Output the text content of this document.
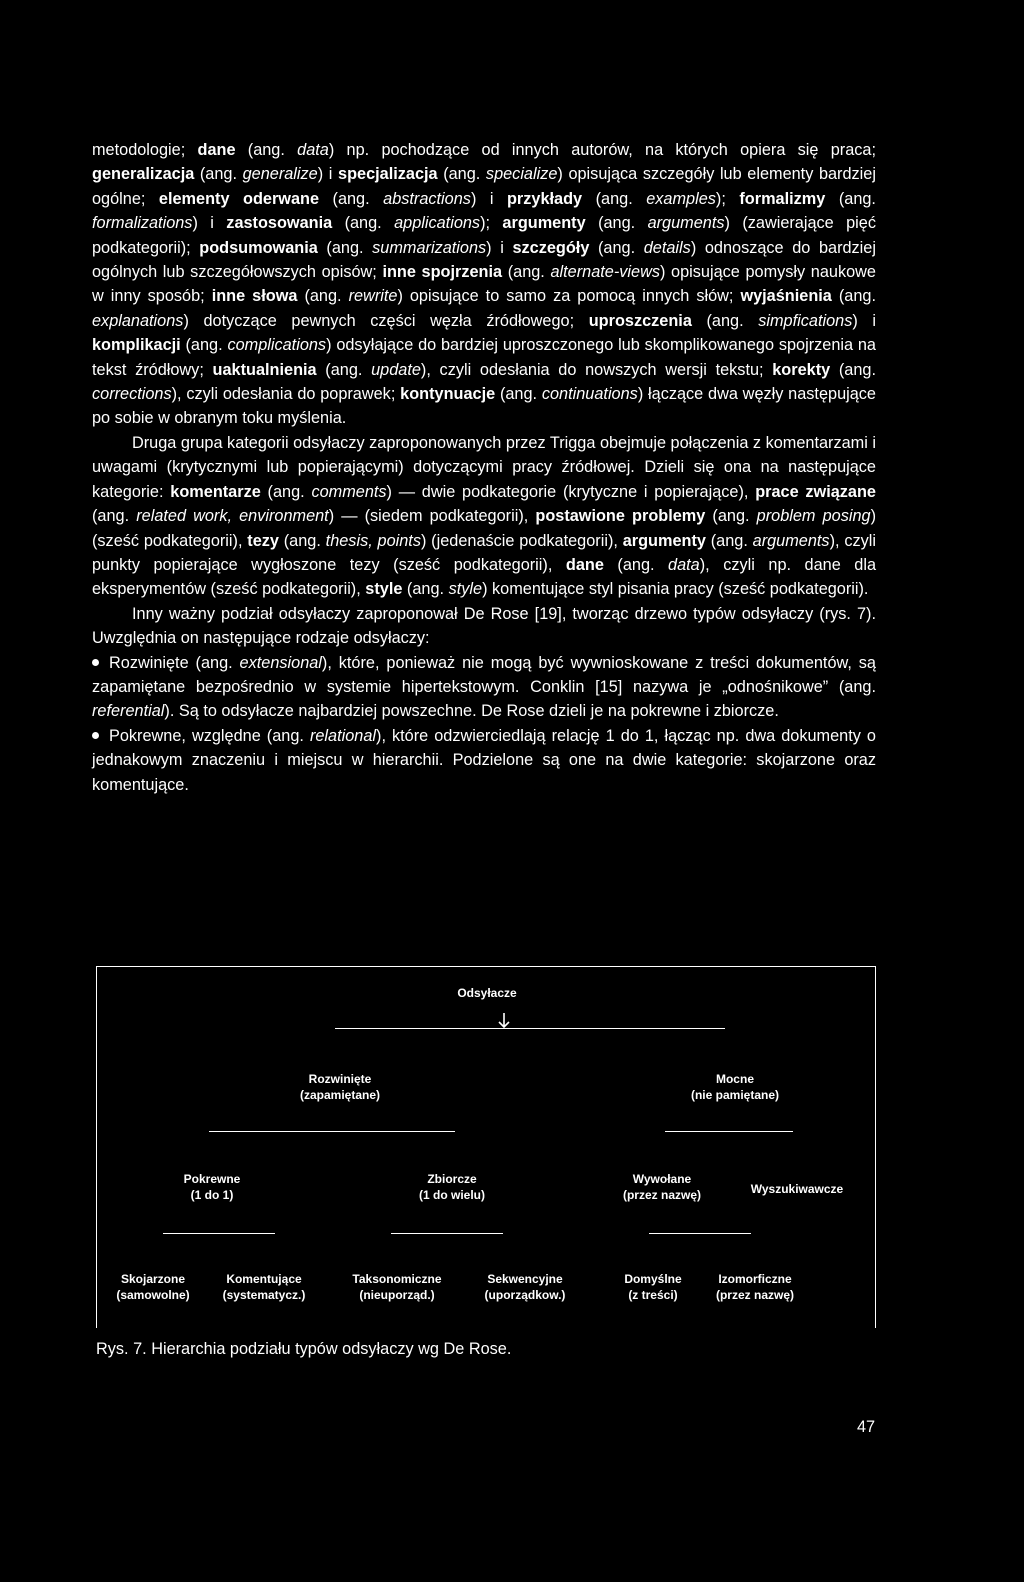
metodologie; dane (ang. data) np. pochodzące od innych autorów, na których opiera się praca; generalizacja (ang. generalize) i specjalizacja (ang. specialize) opisująca szczegóły lub elementy bardziej ogólne; elementy oderwane (ang. abstractions) i przykłady (ang. examples); formalizmy (ang. formalizations) i zastosowania (ang. applications); argumenty (ang. arguments) (zawierające pięć podkategorii); podsumowania (ang. summarizations) i szczegóły (ang. details) odnoszące do bardziej ogólnych lub szczegółowszych opisów; inne spojrzenia (ang. alternate-views) opisujące pomysły naukowe w inny sposób; inne słowa (ang. rewrite) opisujące to samo za pomocą innych słów; wyjaśnienia (ang. explanations) dotyczące pewnych części węzła źródłowego; uproszczenia (ang. simpfications) i komplikacji (ang. complications) odsyłające do bardziej uproszczonego lub skomplikowanego spojrzenia na tekst źródłowy; uaktualnienia (ang. update), czyli odesłania do nowszych wersji tekstu; korekty (ang. corrections), czyli odesłania do poprawek; kontynuacje (ang. continuations) łączące dwa węzły następujące po sobie w obranym toku myślenia.

Druga grupa kategorii odsyłaczy zaproponowanych przez Trigga obejmuje połączenia z komentarzami i uwagami (krytycznymi lub popierającymi) dotyczącymi pracy źródłowej. Dzieli się ona na następujące kategorie: komentarze (ang. comments) — dwie podkategorie (krytyczne i popierające), prace związane (ang. related work, environment) — (siedem podkategorii), postawione problemy (ang. problem posing) (sześć podkategorii), tezy (ang. thesis, points) (jedenaście podkategorii), argumenty (ang. arguments), czyli punkty popierające wygłoszone tezy (sześć podkategorii), dane (ang. data), czyli np. dane dla eksperymentów (sześć podkategorii), style (ang. style) komentujące styl pisania pracy (sześć podkategorii).

Inny ważny podział odsyłaczy zaproponował De Rose [19], tworząc drzewo typów odsyłaczy (rys. 7). Uwzględnia on następujące rodzaje odsyłaczy:

Rozwinięte (ang. extensional), które, ponieważ nie mogą być wywnioskowane z treści dokumentów, są zapamiętane bezpośrednio w systemie hipertekstowym. Conklin [15] nazywa je „odnośnikowe” (ang. referential). Są to odsyłacze najbardziej powszechne. De Rose dzieli je na pokrewne i zbiorcze.

Pokrewne, względne (ang. relational), które odzwierciedlają relację 1 do 1, łącząc np. dwa dokumenty o jednakowym znaczeniu i miejscu w hierarchii. Podzielone są one na dwie kategorie: skojarzone oraz komentujące.

Odsyłacze
Rozwinięte
(zapamiętane)
Mocne
(nie pamiętane)
Pokrewne
(1 do 1)
Zbiorcze
(1 do wielu)
Wywołane
(przez nazwę)	Wyszukiwawcze
Skojarzone
(samowolne)
Komentujące
(systematycz.)
Taksonomiczne
(nieuporząd.)
Sekwencyjne
(uporządkow.)
Domyślne
(z treści)
Izomorficzne
(przez nazwę)
Rys. 7. Hierarchia podziału typów odsyłaczy wg De Rose.
47
